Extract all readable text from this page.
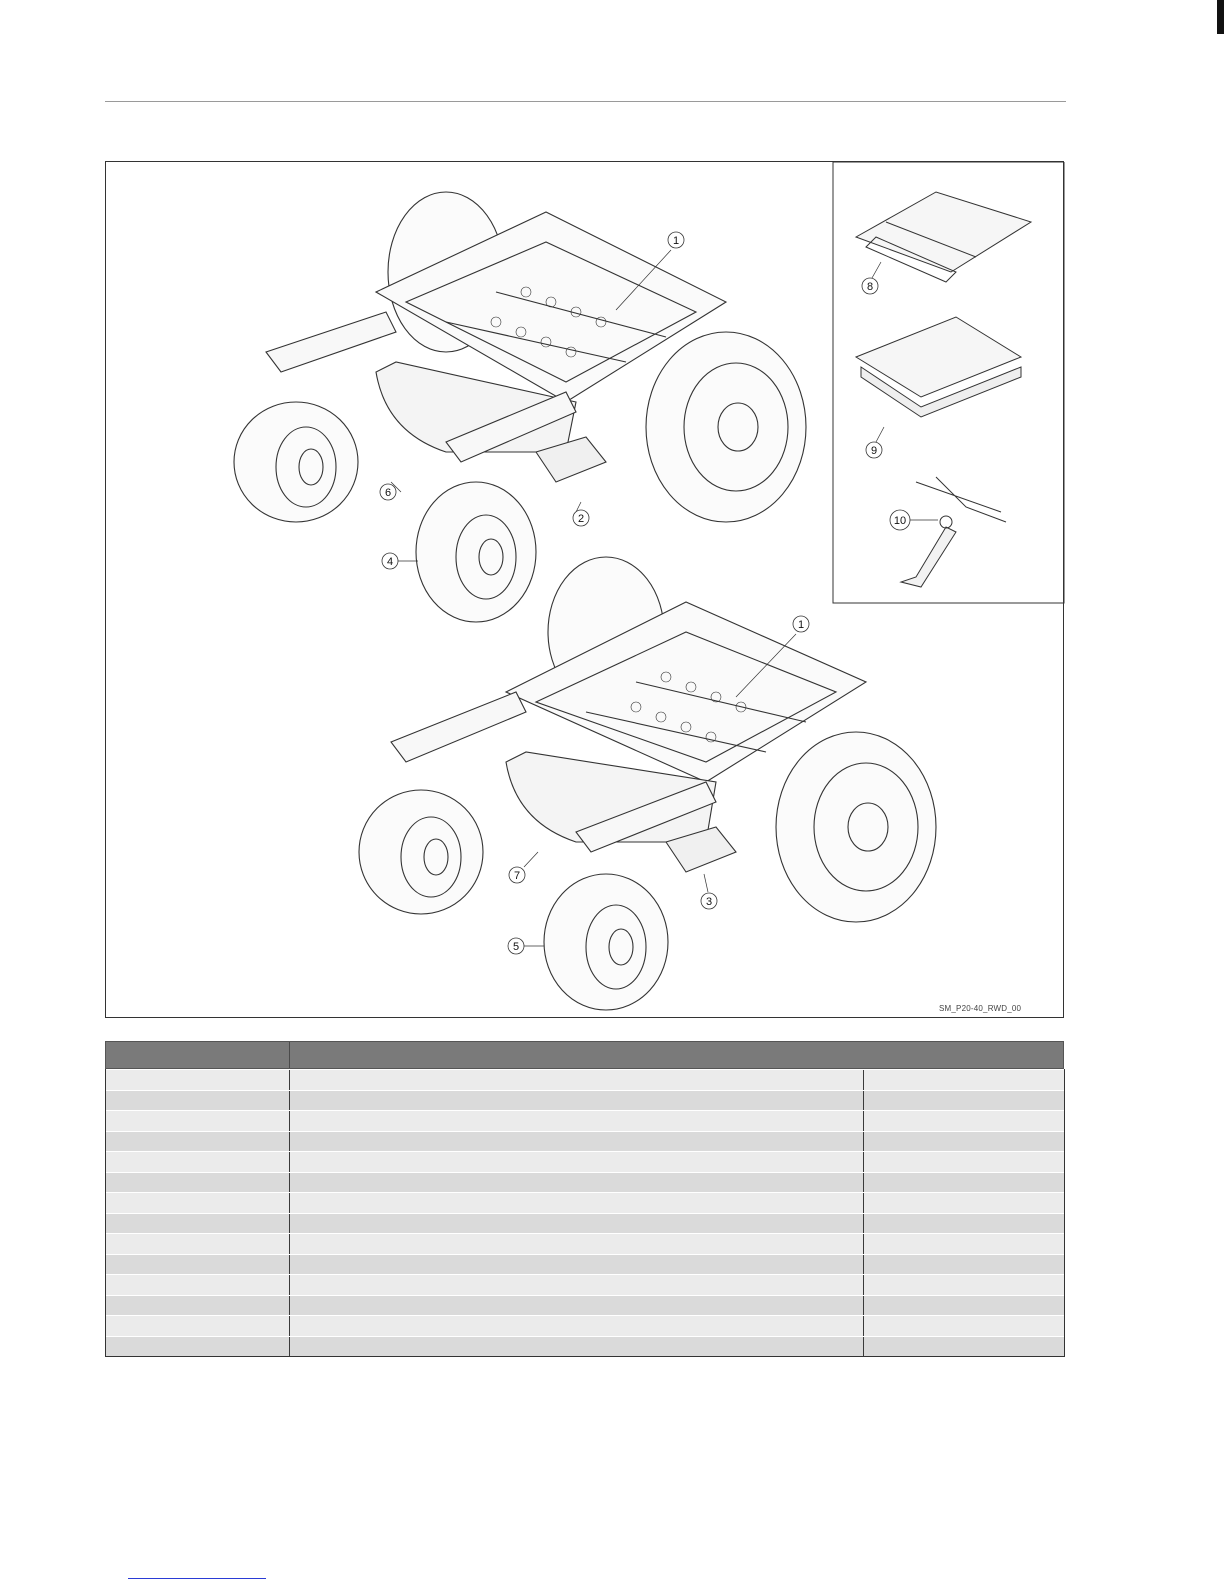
1
6
2
4
1
7
3
5
8
9
10
SM_P20-40_RWD_00
